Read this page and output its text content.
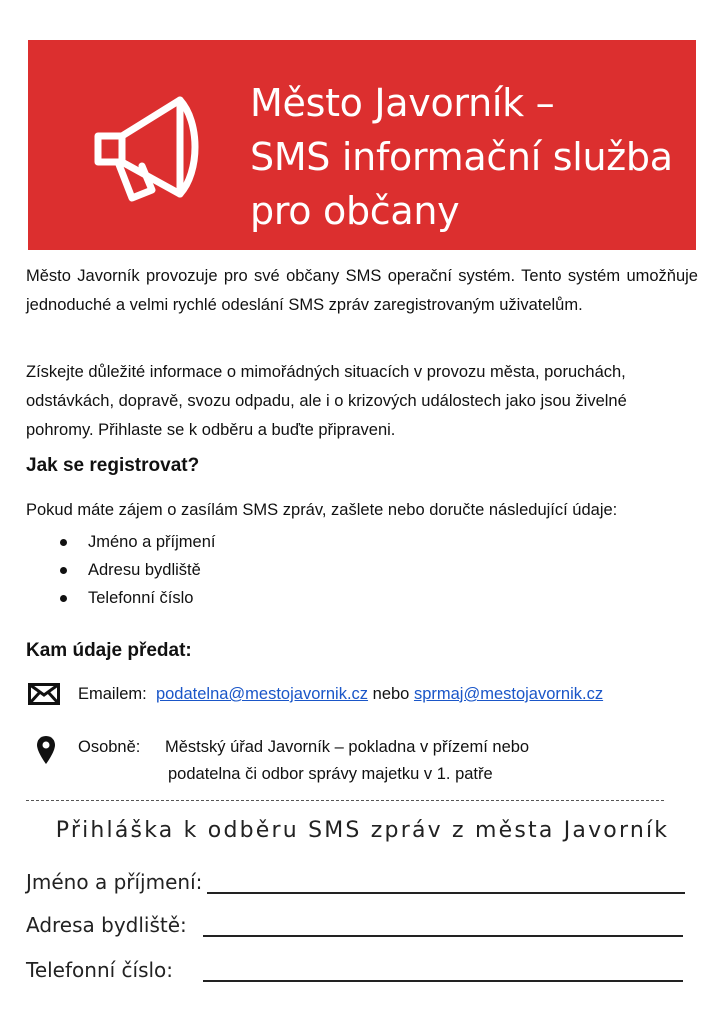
Město Javorník –
SMS informační služba
pro občany
Město Javorník provozuje pro své občany SMS operační systém. Tento systém umožňuje jednoduché a velmi rychlé odeslání SMS zpráv zaregistrovaným uživatelům.
Získejte důležité informace o mimořádných situacích v provozu města, poruchách, odstávkách, dopravě, svozu odpadu, ale i o krizových událostech jako jsou živelné pohromy. Přihlaste se k odběru a buďte připraveni.
Jak se registrovat?
Pokud máte zájem o zasílám SMS zpráv, zašlete nebo doručte následující údaje:
Jméno a příjmení
Adresu bydliště
Telefonní číslo
Kam údaje předat:
Emailem: podatelna@mestojavornik.cz nebo sprmaj@mestojavornik.cz
Osobně: Městský úřad Javorník – pokladna v přízemí nebo
podatelna či odbor správy majetku v 1. patře
Přihláška k odběru SMS zpráv z města Javorník
Jméno a příjmení:
Adresa bydliště:
Telefonní číslo:
